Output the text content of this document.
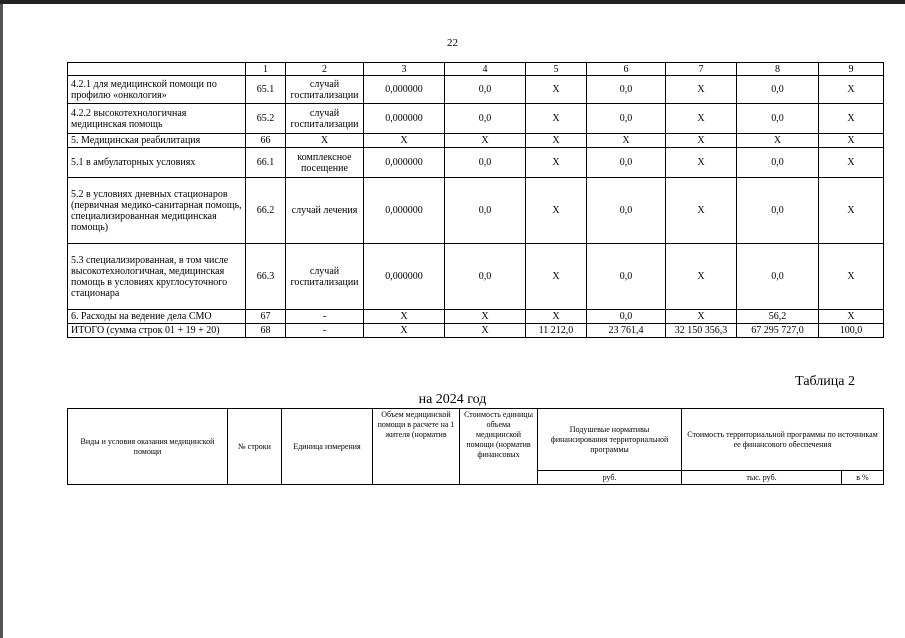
22
	1	2	3	4	5	6	7	8	9
4.2.1 для медицинской помощи по профилю «онкология»	65.1	случай госпитализации	0,000000	0,0	X	0,0	X	0,0	X
4.2.2 высокотехнологичная медицинская помощь	65.2	случай госпитализации	0,000000	0,0	X	0,0	X	0,0	X
5. Медицинская реабилитация	66	X	X	X	X	X	X	X	X
5.1 в амбулаторных условиях	66.1	комплексное посещение	0,000000	0,0	X	0,0	X	0,0	X
5.2 в условиях дневных стационаров (первичная медико-санитарная помощь, специализированная медицинская помощь)	66.2	случай лечения	0,000000	0,0	X	0,0	X	0,0	X
5.3 специализированная, в том числе высокотехнологичная, медицинская помощь в условиях круглосуточного стационара	66.3	случай госпитализации	0,000000	0,0	X	0,0	X	0,0	X
6. Расходы на ведение дела СМО	67	-	X	X	X	0,0	X	56,2	X
ИТОГО (сумма строк 01 + 19 + 20)	68	-	X	X	11 212,0	23 761,4	32 150 356,3	67 295 727,0	100,0
Таблица 2
на 2024 год
Виды и условия оказания медицинской помощи	№ строки	Единица измерения	Объем медицинской помощи в расчете на 1 жителя (норматив	Стоимость единицы объема медицинской помощи (норматив финансовых	Подушевые нормативы финансирования территориальной программы	Стоимость территориальной программы по источникам ее финансового обеспечения	
					руб.	тыс. руб.	в %
